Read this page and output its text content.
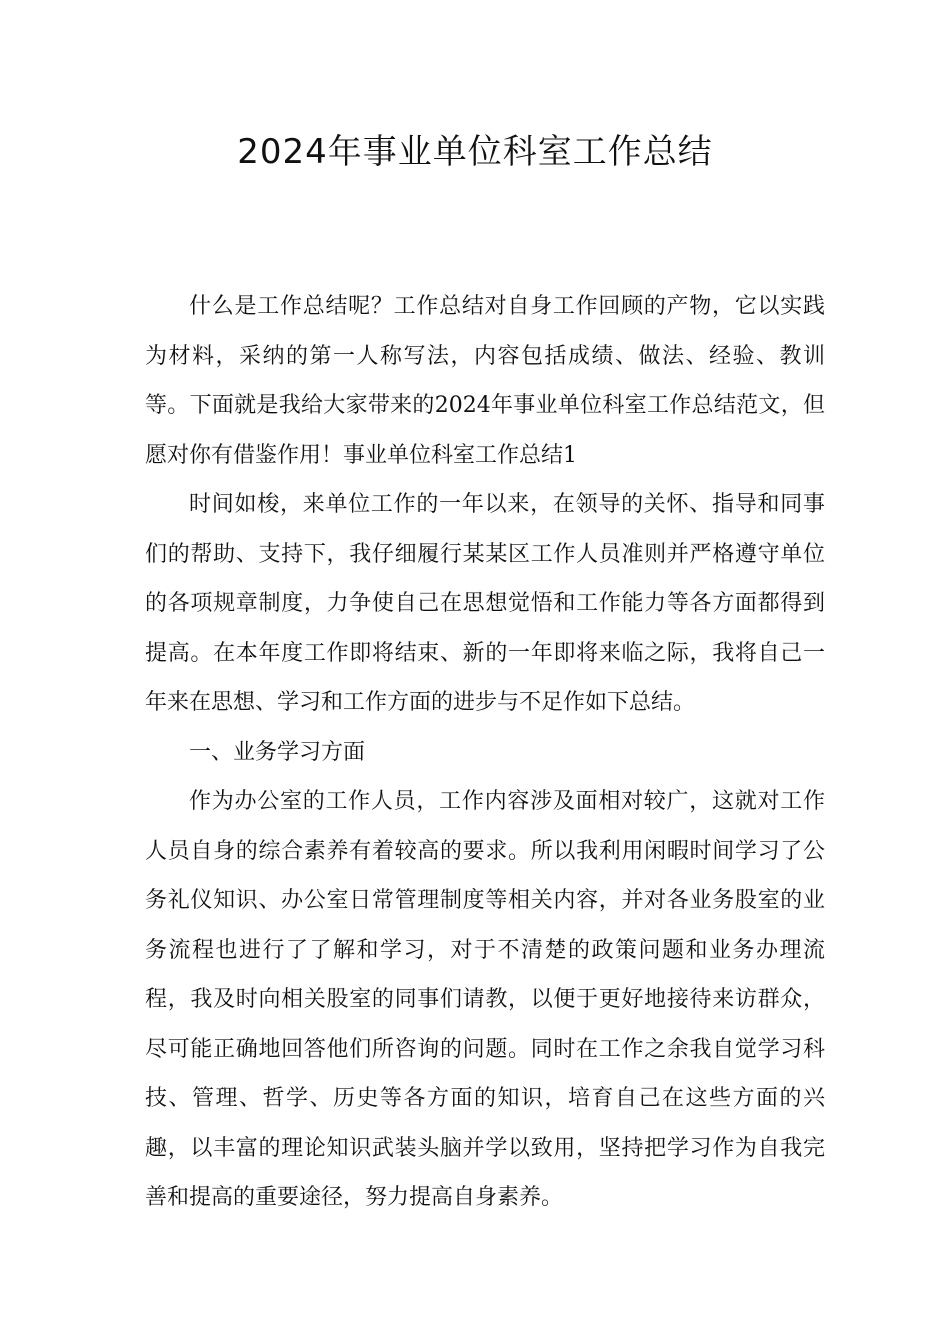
2024年事业单位科室工作总结

什么是工作总结呢？工作总结对自身工作回顾的产物，它以实践为材料，采纳的第一人称写法，内容包括成绩、做法、经验、教训等。下面就是我给大家带来的2024年事业单位科室工作总结范文，但愿对你有借鉴作用！事业单位科室工作总结1

时间如梭，来单位工作的一年以来，在领导的关怀、指导和同事们的帮助、支持下，我仔细履行某某区工作人员准则并严格遵守单位的各项规章制度，力争使自己在思想觉悟和工作能力等各方面都得到提高。在本年度工作即将结束、新的一年即将来临之际，我将自己一年来在思想、学习和工作方面的进步与不足作如下总结。

一、业务学习方面

作为办公室的工作人员，工作内容涉及面相对较广，这就对工作人员自身的综合素养有着较高的要求。所以我利用闲暇时间学习了公务礼仪知识、办公室日常管理制度等相关内容，并对各业务股室的业务流程也进行了了解和学习，对于不清楚的政策问题和业务办理流程，我及时向相关股室的同事们请教，以便于更好地接待来访群众，尽可能正确地回答他们所咨询的问题。同时在工作之余我自觉学习科技、管理、哲学、历史等各方面的知识，培育自己在这些方面的兴趣，以丰富的理论知识武装头脑并学以致用，坚持把学习作为自我完善和提高的重要途径，努力提高自身素养。
